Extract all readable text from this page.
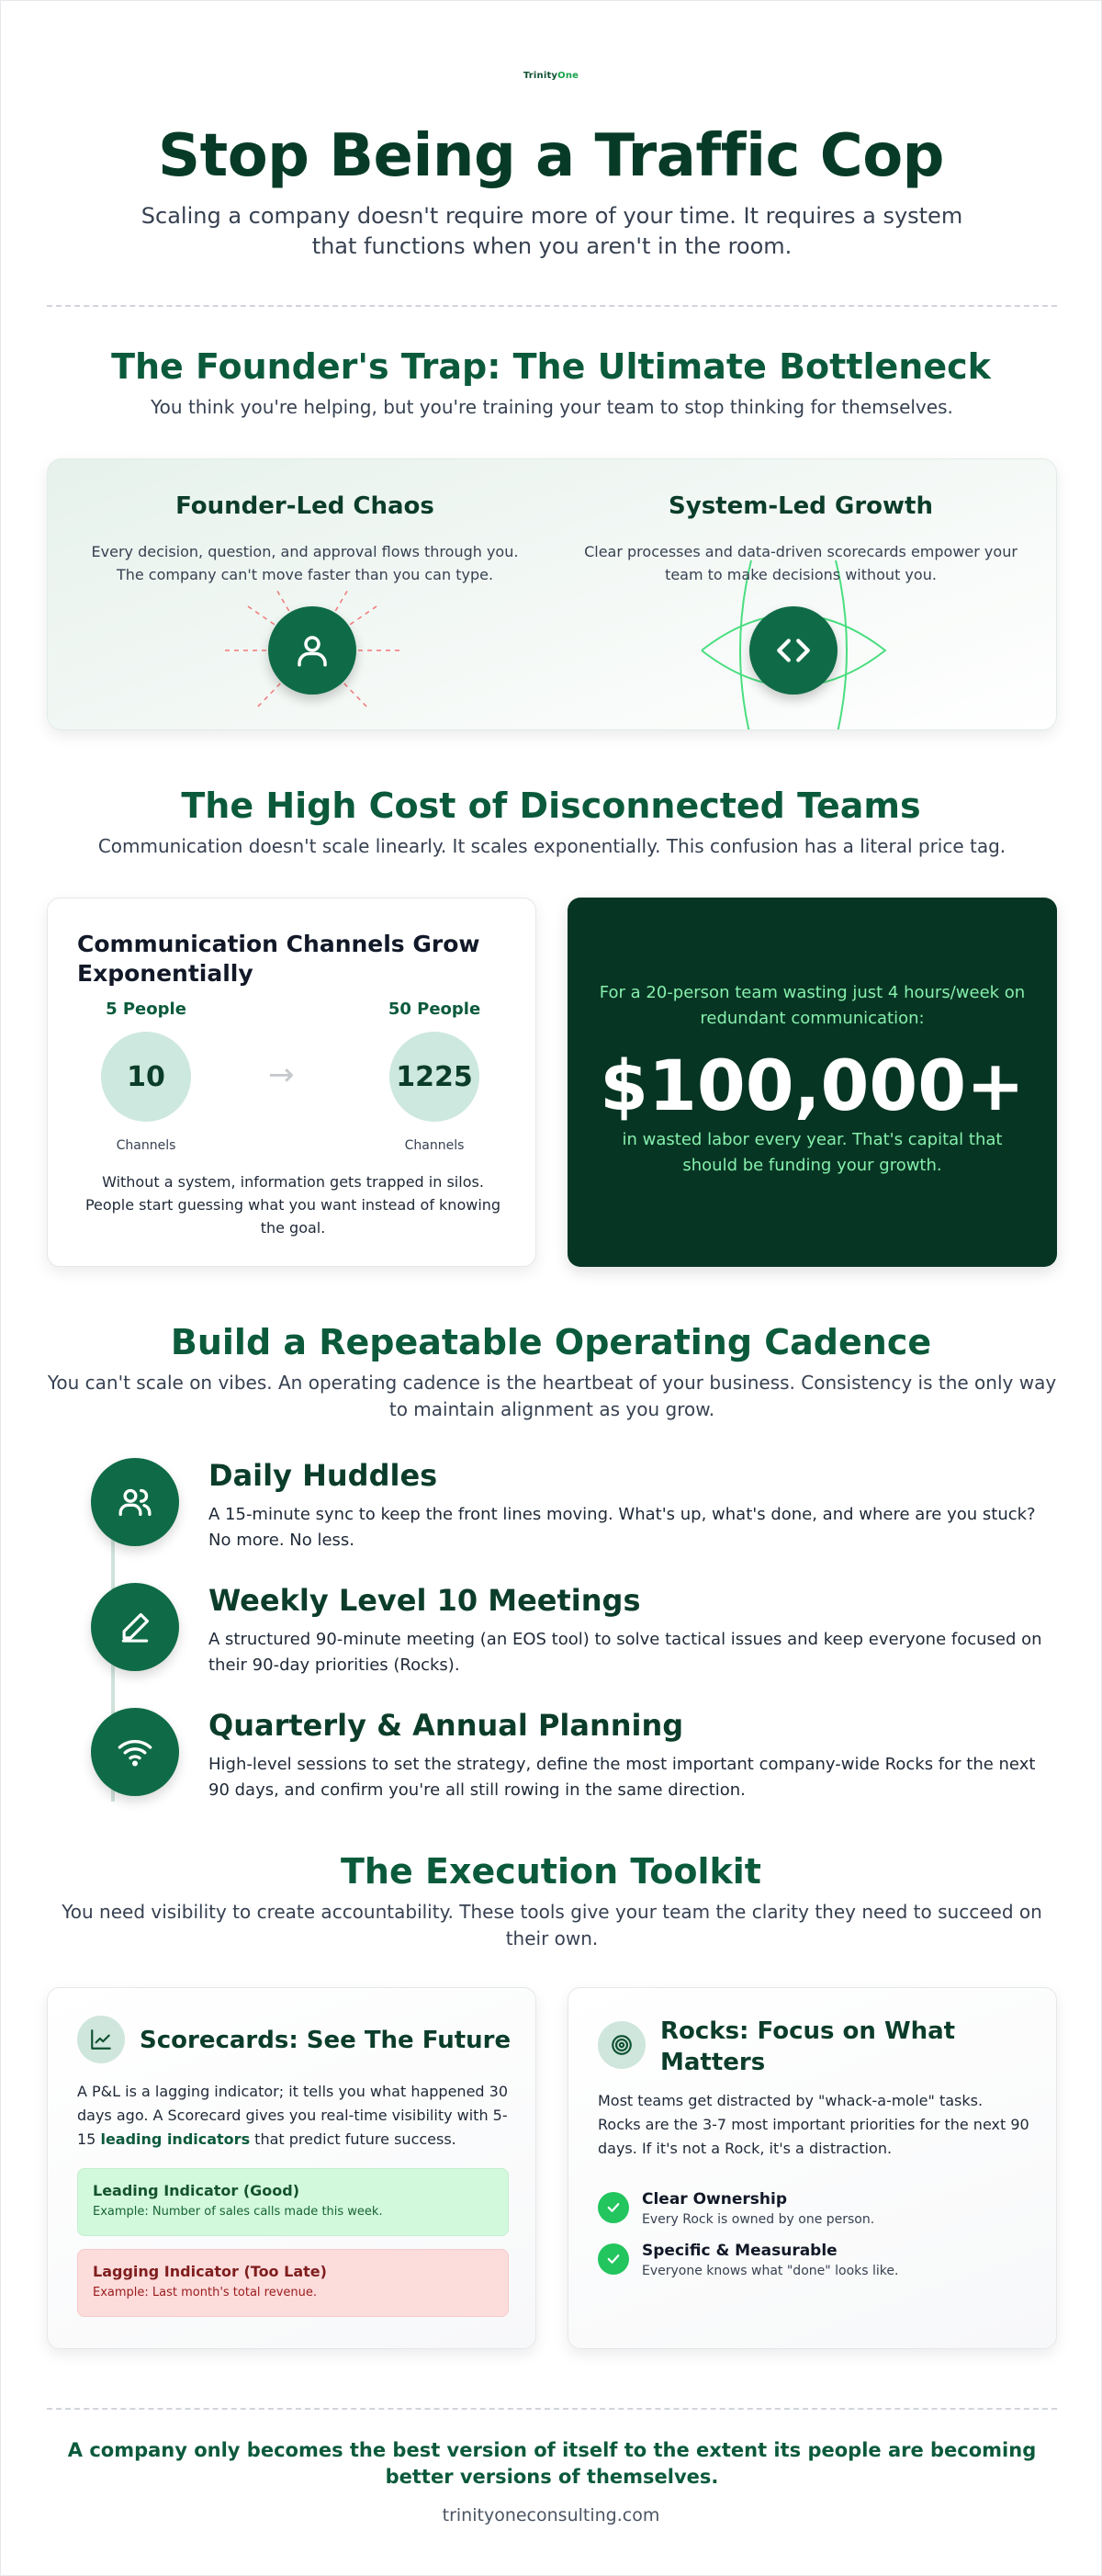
TrinityOne
Stop Being a Traffic Cop

Scaling a company doesn't require more of your time. It requires a system that functions when you aren't in the room.

The Founder's Trap: The Ultimate Bottleneck

You think you're helping, but you're training your team to stop thinking for themselves.

Founder-Led Chaos

Every decision, question, and approval flows through you. The company can't move faster than you can type.

System-Led Growth

Clear processes and data-driven scorecards empower your team to make decisions without you.

The High Cost of Disconnected Teams

Communication doesn't scale linearly. It scales exponentially. This confusion has a literal price tag.

Communication Channels Grow Exponentially
5 People
10
Channels
→
50 People
1225
Channels

Without a system, information gets trapped in silos. People start guessing what you want instead of knowing the goal.

For a 20-person team wasting just 4 hours/week on redundant communication:

$100,000+

in wasted labor every year. That's capital that should be funding your growth.

Build a Repeatable Operating Cadence

You can't scale on vibes. An operating cadence is the heartbeat of your business. Consistency is the only way to maintain alignment as you grow.

Daily Huddles

A 15-minute sync to keep the front lines moving. What's up, what's done, and where are you stuck? No more. No less.

Weekly Level 10 Meetings

A structured 90-minute meeting (an EOS tool) to solve tactical issues and keep everyone focused on their 90-day priorities (Rocks).

Quarterly & Annual Planning

High-level sessions to set the strategy, define the most important company-wide Rocks for the next 90 days, and confirm you're all still rowing in the same direction.

The Execution Toolkit

You need visibility to create accountability. These tools give your team the clarity they need to succeed on their own.

Scorecards: See The Future

A P&L is a lagging indicator; it tells you what happened 30 days ago. A Scorecard gives you real-time visibility with 5-15 leading indicators that predict future success.

Leading Indicator (Good)
Example: Number of sales calls made this week.
Lagging Indicator (Too Late)
Example: Last month's total revenue.
Rocks: Focus on What Matters

Most teams get distracted by "whack-a-mole" tasks. Rocks are the 3-7 most important priorities for the next 90 days. If it's not a Rock, it's a distraction.

Clear Ownership
Every Rock is owned by one person.
Specific & Measurable
Everyone knows what "done" looks like.

A company only becomes the best version of itself to the extent its people are becoming better versions of themselves.

trinityoneconsulting.com
